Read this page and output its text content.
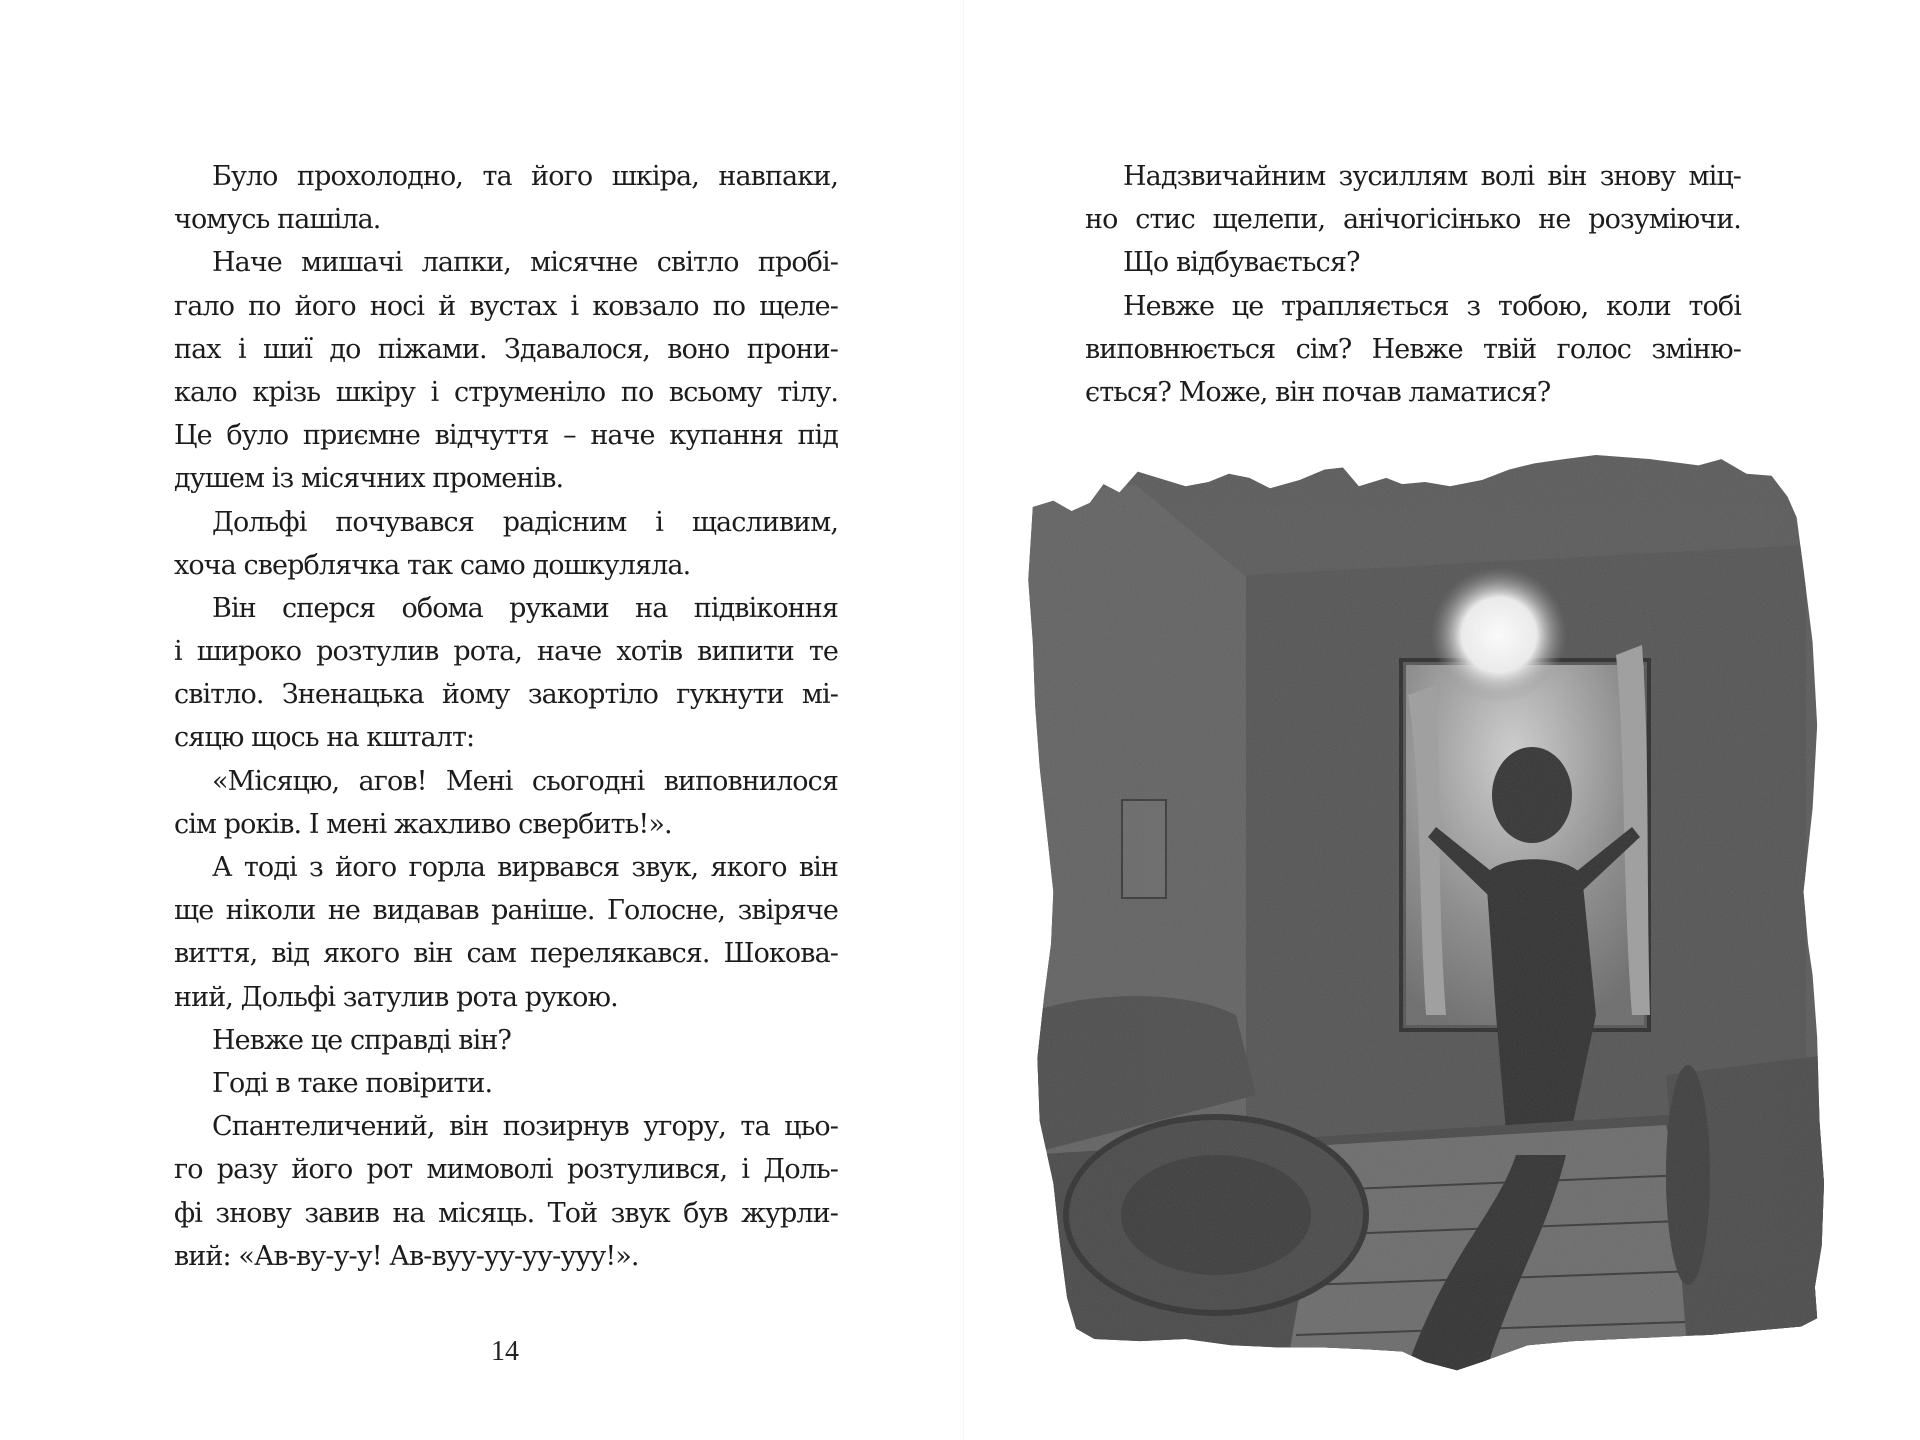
Було прохолодно, та його шкіра, навпаки,
чомусь пашіла.
Наче мишачі лапки, місячне світло пробі-
гало по його носі й вустах і ковзало по щеле-
пах і шиї до піжами. Здавалося, воно прони-
кало крізь шкіру і струменіло по всьому тілу.
Це було приємне відчуття – наче купання під
душем із місячних променів.
Дольфі почувався радісним і щасливим,
хоча сверблячка так само дошкуляла.
Він сперся обома руками на підвіконня
і широко розтулив рота, наче хотів випити те
світло. Зненацька йому закортіло гукнути мі-
сяцю щось на кшталт:
«Місяцю, агов! Мені сьогодні виповнилося
сім років. І мені жахливо свербить!».
А тоді з його горла вирвався звук, якого він
ще ніколи не видавав раніше. Голосне, звіряче
виття, від якого він сам перелякався. Шокова-
ний, Дольфі затулив рота рукою.
Невже це справді він?
Годі в таке повірити.
Спантеличений, він позирнув угору, та цьо-
го разу його рот мимоволі розтулився, і Доль-
фі знову завив на місяць. Той звук був журли-
вий: «Ав-ву-у-у! Ав-вуу-уу-уу-ууу!».
14
Надзвичайним зусиллям волі він знову міц-
но стис щелепи, анічогісінько не розуміючи.
Що відбувається?
Невже це трапляється з тобою, коли тобі
виповнюється сім? Невже твій голос зміню-
ється? Може, він почав ламатися?
